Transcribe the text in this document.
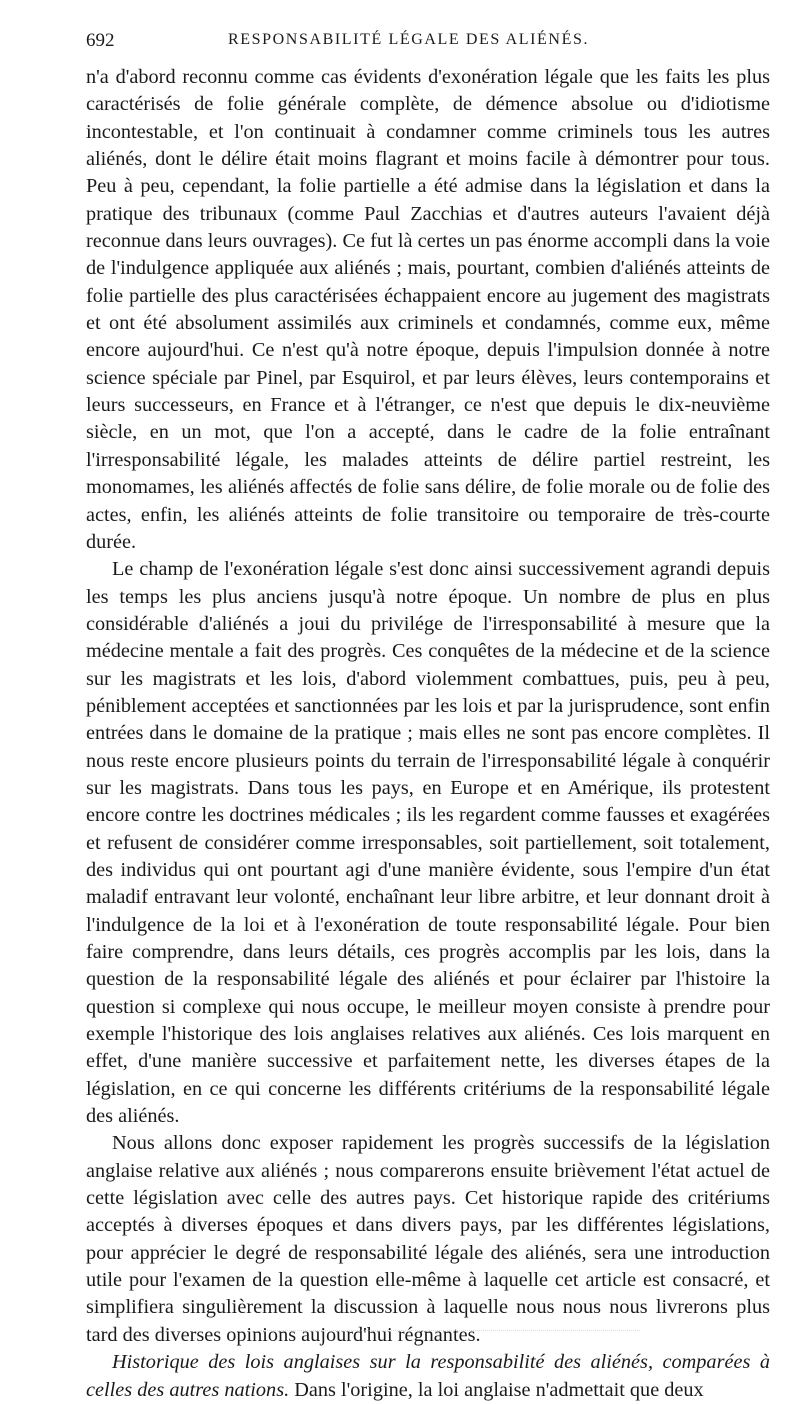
692	RESPONSABILITÉ LÉGALE DES ALIÉNÉS.

n'a d'abord reconnu comme cas évidents d'exonération légale que les faits les plus caractérisés de folie générale complète, de démence absolue ou d'idiotisme incontestable, et l'on continuait à condamner comme criminels tous les autres aliénés, dont le délire était moins flagrant et moins facile à démontrer pour tous. Peu à peu, cependant, la folie partielle a été admise dans la législation et dans la pratique des tribunaux (comme Paul Zacchias et d'autres auteurs l'avaient déjà reconnue dans leurs ouvrages). Ce fut là certes un pas énorme accompli dans la voie de l'indulgence appliquée aux aliénés ; mais, pourtant, combien d'aliénés atteints de folie partielle des plus caractérisées échappaient encore au jugement des magistrats et ont été absolument assimilés aux criminels et condamnés, comme eux, même encore aujourd'hui. Ce n'est qu'à notre époque, depuis l'impulsion donnée à notre science spéciale par Pinel, par Esquirol, et par leurs élèves, leurs contemporains et leurs successeurs, en France et à l'étranger, ce n'est que depuis le dix-neuvième siècle, en un mot, que l'on a accepté, dans le cadre de la folie entraînant l'irresponsabilité légale, les malades atteints de délire partiel restreint, les monomames, les aliénés affectés de folie sans délire, de folie morale ou de folie des actes, enfin, les aliénés atteints de folie transitoire ou temporaire de très-courte durée.

Le champ de l'exonération légale s'est donc ainsi successivement agrandi depuis les temps les plus anciens jusqu'à notre époque. Un nombre de plus en plus considérable d'aliénés a joui du privilége de l'irresponsabilité à mesure que la médecine mentale a fait des progrès. Ces conquêtes de la médecine et de la science sur les magistrats et les lois, d'abord violemment combattues, puis, peu à peu, péniblement acceptées et sanctionnées par les lois et par la jurisprudence, sont enfin entrées dans le domaine de la pratique ; mais elles ne sont pas encore complètes. Il nous reste encore plusieurs points du terrain de l'irresponsabilité légale à conquérir sur les magistrats. Dans tous les pays, en Europe et en Amérique, ils protestent encore contre les doctrines médicales ; ils les regardent comme fausses et exagérées et refusent de considérer comme irresponsables, soit partiellement, soit totalement, des individus qui ont pourtant agi d'une manière évidente, sous l'empire d'un état maladif entravant leur volonté, enchaînant leur libre arbitre, et leur donnant droit à l'indulgence de la loi et à l'exonération de toute responsabilité légale. Pour bien faire comprendre, dans leurs détails, ces progrès accomplis par les lois, dans la question de la responsabilité légale des aliénés et pour éclairer par l'histoire la question si complexe qui nous occupe, le meilleur moyen consiste à prendre pour exemple l'historique des lois anglaises relatives aux aliénés. Ces lois marquent en effet, d'une manière successive et parfaitement nette, les diverses étapes de la législation, en ce qui concerne les différents critériums de la responsabilité légale des aliénés.

Nous allons donc exposer rapidement les progrès successifs de la législation anglaise relative aux aliénés ; nous comparerons ensuite brièvement l'état actuel de cette législation avec celle des autres pays. Cet historique rapide des critériums acceptés à diverses époques et dans divers pays, par les différentes législations, pour apprécier le degré de responsabilité légale des aliénés, sera une introduction utile pour l'examen de la question elle-même à laquelle cet article est consacré, et simplifiera singulièrement la discussion à laquelle nous nous nous livrerons plus tard des diverses opinions aujourd'hui régnantes.

Historique des lois anglaises sur la responsabilité des aliénés, comparées à celles des autres nations. Dans l'origine, la loi anglaise n'admettait que deux
